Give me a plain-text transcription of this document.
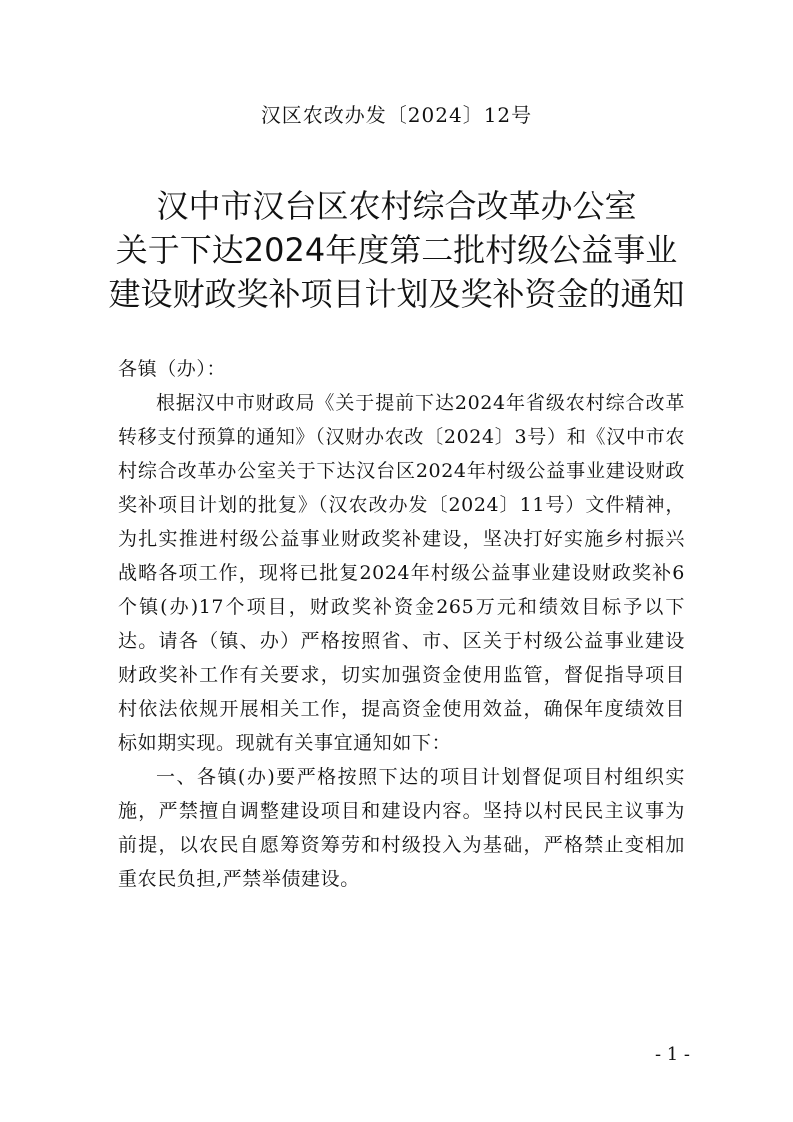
汉区农改办发〔2024〕12号
汉中市汉台区农村综合改革办公室
关于下达2024年度第二批村级公益事业
建设财政奖补项目计划及奖补资金的通知

各镇（办）：

根据汉中市财政局《关于提前下达2024年省级农村综合改革转移支付预算的通知》（汉财办农改〔2024〕3号）和《汉中市农村综合改革办公室关于下达汉台区2024年村级公益事业建设财政奖补项目计划的批复》（汉农改办发〔2024〕11号）文件精神，为扎实推进村级公益事业财政奖补建设，坚决打好实施乡村振兴战略各项工作，现将已批复2024年村级公益事业建设财政奖补6个镇(办)17个项目，财政奖补资金265万元和绩效目标予以下达。请各（镇、办）严格按照省、市、区关于村级公益事业建设财政奖补工作有关要求，切实加强资金使用监管，督促指导项目村依法依规开展相关工作，提高资金使用效益，确保年度绩效目标如期实现。现就有关事宜通知如下：

一、各镇(办)要严格按照下达的项目计划督促项目村组织实施，严禁擅自调整建设项目和建设内容。坚持以村民民主议事为前提，以农民自愿筹资筹劳和村级投入为基础，严格禁止变相加重农民负担,严禁举债建设。

- 1 -
